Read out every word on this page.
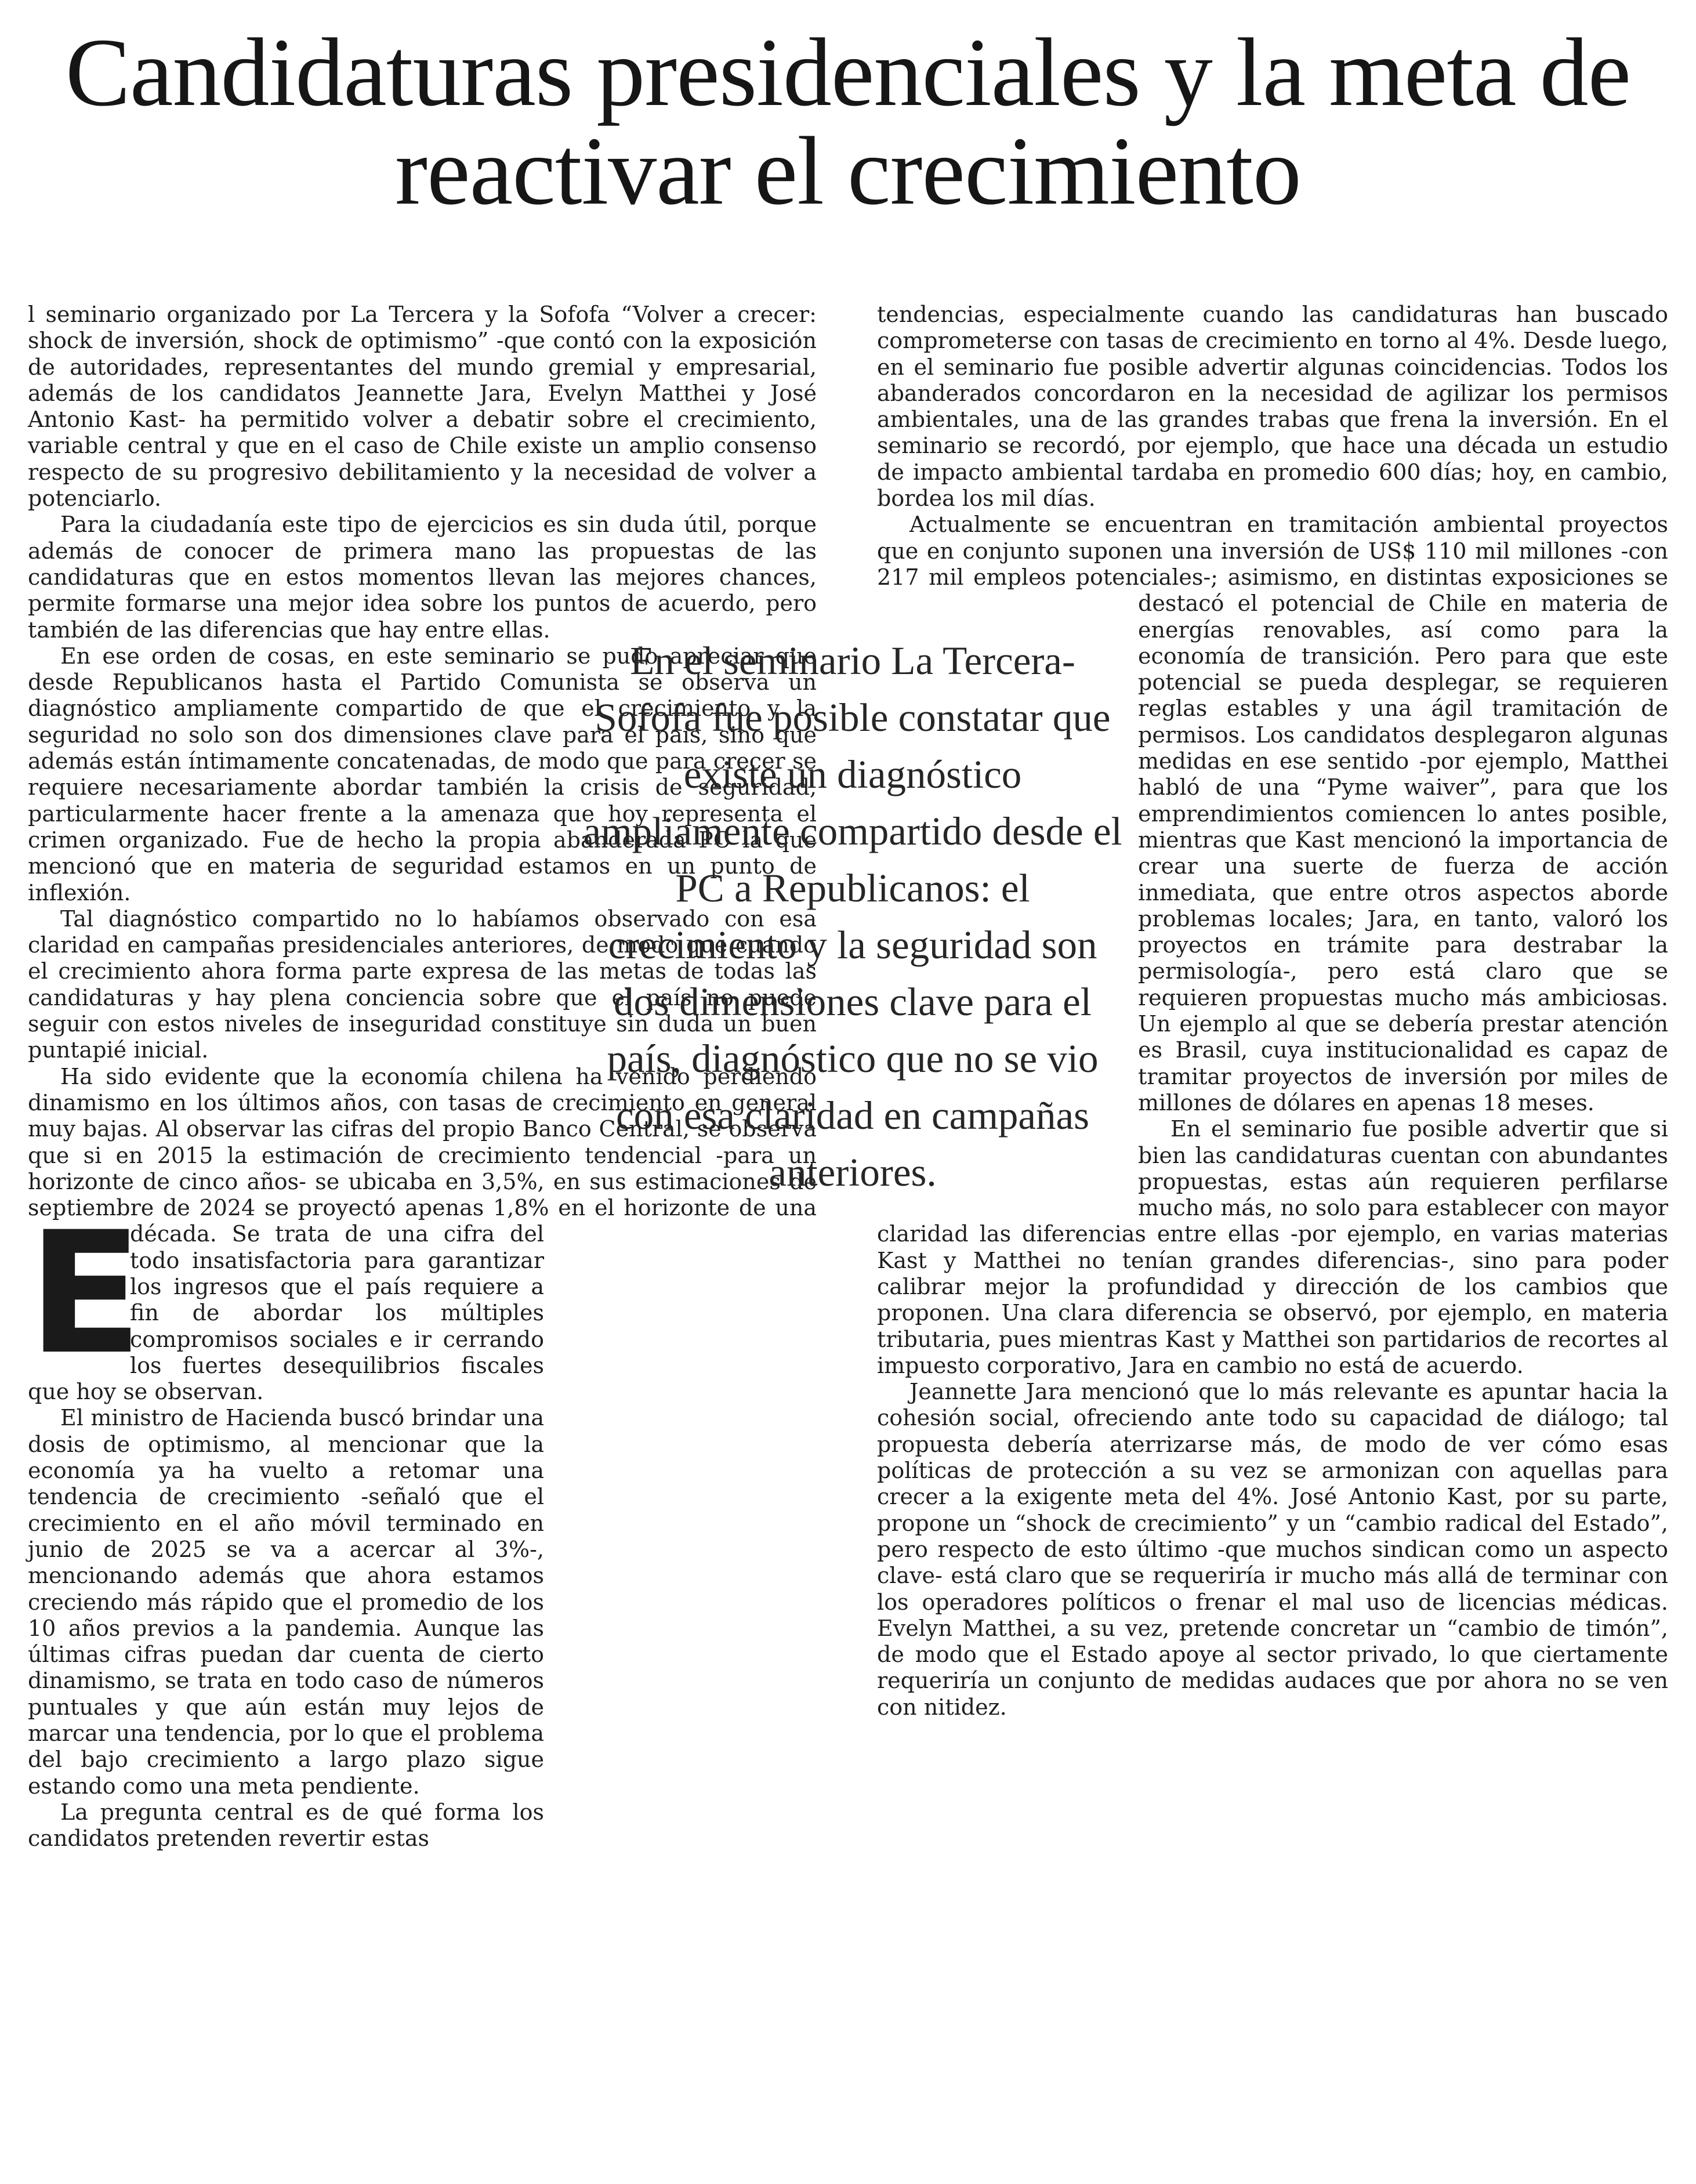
Candidaturas presidenciales y la meta de reactivar el crecimiento

E
l seminario organizado por La Tercera y la Sofofa “Volver a crecer: shock de inversión, shock de optimismo” -que contó con la exposición de autoridades, representantes del mundo gremial y empresarial, además de los candidatos Jeannette Jara, Evelyn Matthei y José Antonio Kast- ha permitido volver a debatir sobre el crecimiento, variable central y que en el caso de Chile existe un amplio consenso respecto de su progresivo debilitamiento y la necesidad de volver a potenciarlo.

Para la ciudadanía este tipo de ejercicios es sin duda útil, porque además de conocer de primera mano las propuestas de las candidaturas que en estos momentos llevan las mejores chances, permite formarse una mejor idea sobre los puntos de acuerdo, pero también de las diferencias que hay entre ellas.

En ese orden de cosas, en este seminario se pudo apreciar que desde Republicanos hasta el Partido Comunista se observa un diagnóstico ampliamente compartido de que el crecimiento y la seguridad no solo son dos dimensiones clave para el país, sino que además están íntimamente concatenadas, de modo que para crecer se requiere necesariamente abordar también la crisis de seguridad, particularmente hacer frente a la amenaza que hoy representa el crimen organizado. Fue de hecho la propia abanderada PC la que mencionó que en materia de seguridad estamos en un punto de inflexión.

Tal diagnóstico compartido no lo habíamos observado con esa claridad en campañas presidenciales anteriores, de modo que cuando el crecimiento ahora forma parte expresa de las metas de todas las candidaturas y hay plena conciencia sobre que el país no puede seguir con estos niveles de inseguridad constituye sin duda un buen puntapié inicial.

Ha sido evidente que la economía chilena ha venido perdiendo dinamismo en los últimos años, con tasas de crecimiento en general muy bajas. Al observar las cifras del propio Banco Central, se observa que si en 2015 la estimación de crecimiento tendencial -para un horizonte de cinco años- se ubicaba en 3,5%, en sus estimaciones de septiembre de 2024 se proyectó apenas 1,8% en el horizonte de una década. Se trata de una cifra del todo insatisfactoria para garantizar los ingresos que el país requiere a fin de abordar los múltiples compromisos sociales e ir cerrando los fuertes desequilibrios fiscales que hoy se observan.

El ministro de Hacienda buscó brindar una dosis de optimismo, al mencionar que la economía ya ha vuelto a retomar una tendencia de crecimiento -señaló que el crecimiento en el año móvil terminado en junio de 2025 se va a acercar al 3%-, mencionando además que ahora estamos creciendo más rápido que el promedio de los 10 años previos a la pandemia. Aunque las últimas cifras puedan dar cuenta de cierto dinamismo, se trata en todo caso de números puntuales y que aún están muy lejos de marcar una tendencia, por lo que el problema del bajo crecimiento a largo plazo sigue estando como una meta pendiente.

La pregunta central es de qué forma los candidatos pretenden revertir estas

tendencias, especialmente cuando las candidaturas han buscado comprometerse con tasas de crecimiento en torno al 4%. Desde luego, en el seminario fue posible advertir algunas coincidencias. Todos los abanderados concordaron en la necesidad de agilizar los permisos ambientales, una de las grandes trabas que frena la inversión. En el seminario se recordó, por ejemplo, que hace una década un estudio de impacto ambiental tardaba en promedio 600 días; hoy, en cambio, bordea los mil días.

Actualmente se encuentran en tramitación ambiental proyectos que en conjunto suponen una inversión de US$ 110 mil millones -con 217 mil empleos potenciales-; asimismo, en distintas exposiciones se destacó el potencial de Chile en materia de energías renovables, así como para la economía de transición. Pero para que este potencial se pueda desplegar, se requieren reglas estables y una ágil tramitación de permisos. Los candidatos desplegaron algunas medidas en ese sentido -por ejemplo, Matthei habló de una “Pyme waiver”, para que los emprendimientos comiencen lo antes posible, mientras que Kast mencionó la importancia de crear una suerte de fuerza de acción inmediata, que entre otros aspectos aborde problemas locales; Jara, en tanto, valoró los proyectos en trámite para destrabar la permisología-, pero está claro que se requieren propuestas mucho más ambiciosas. Un ejemplo al que se debería prestar atención es Brasil, cuya institucionalidad es capaz de tramitar proyectos de inversión por miles de millones de dólares en apenas 18 meses.

En el seminario fue posible advertir que si bien las candidaturas cuentan con abundantes propuestas, estas aún requieren perfilarse mucho más, no solo para establecer con mayor claridad las diferencias entre ellas -por ejemplo, en varias materias Kast y Matthei no tenían grandes diferencias-, sino para poder calibrar mejor la profundidad y dirección de los cambios que proponen. Una clara diferencia se observó, por ejemplo, en materia tributaria, pues mientras Kast y Matthei son partidarios de recortes al impuesto corporativo, Jara en cambio no está de acuerdo.

Jeannette Jara mencionó que lo más relevante es apuntar hacia la cohesión social, ofreciendo ante todo su capacidad de diálogo; tal propuesta debería aterrizarse más, de modo de ver cómo esas políticas de protección a su vez se armonizan con aquellas para crecer a la exigente meta del 4%. José Antonio Kast, por su parte, propone un “shock de crecimiento” y un “cambio radical del Estado”, pero respecto de esto último -que muchos sindican como un aspecto clave- está claro que se requeriría ir mucho más allá de terminar con los operadores políticos o frenar el mal uso de licencias médicas. Evelyn Matthei, a su vez, pretende concretar un “cambio de timón”, de modo que el Estado apoye al sector privado, lo que ciertamente requeriría un conjunto de medidas audaces que por ahora no se ven con nitidez.

En el seminario La Tercera-Sofofa fue posible constatar que existe un diagnóstico ampliamente compartido desde el PC a Republicanos: el crecimiento y la seguridad son dos dimensiones clave para el país, diagnóstico que no se vio con esa claridad en campañas anteriores.
